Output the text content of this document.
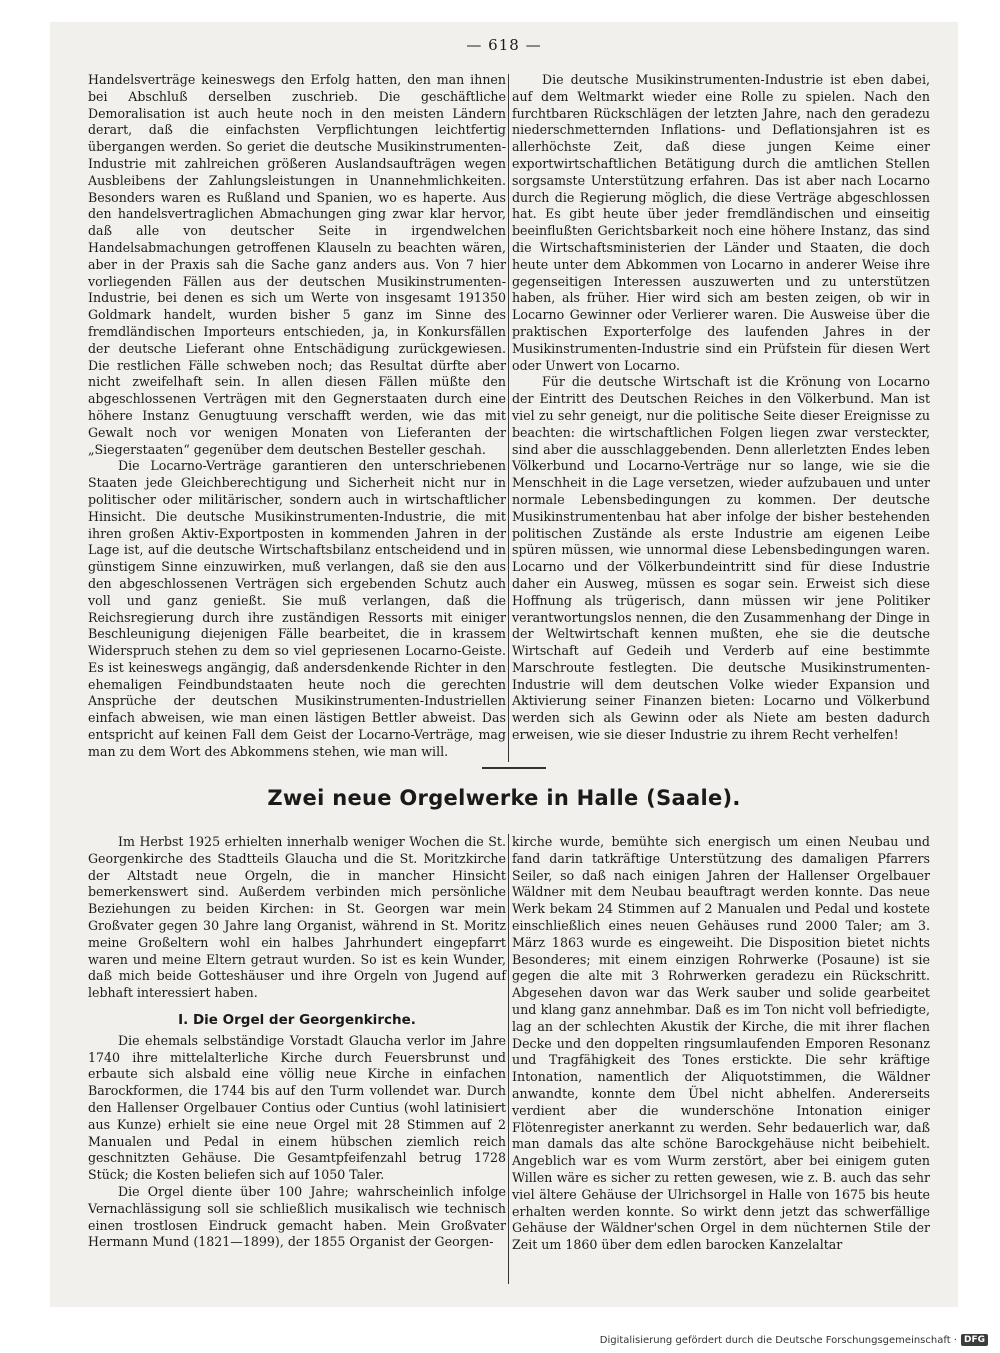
— 618 —

Handelsverträge keineswegs den Erfolg hatten, den man ihnen bei Abschluß derselben zuschrieb. Die geschäftliche Demoralisation ist auch heute noch in den meisten Ländern derart, daß die einfachsten Verpflichtungen leichtfertig übergangen werden. So geriet die deutsche Musikinstrumenten-Industrie mit zahlreichen größeren Auslandsaufträgen wegen Ausbleibens der Zahlungsleistungen in Unannehmlichkeiten. Besonders waren es Rußland und Spanien, wo es haperte. Aus den handelsvertraglichen Abmachungen ging zwar klar hervor, daß alle von deutscher Seite in irgendwelchen Handelsabmachungen getroffenen Klauseln zu beachten wären, aber in der Praxis sah die Sache ganz anders aus. Von 7 hier vorliegenden Fällen aus der deutschen Musikinstrumenten-Industrie, bei denen es sich um Werte von insgesamt 191350 Goldmark handelt, wurden bisher 5 ganz im Sinne des fremdländischen Importeurs entschieden, ja, in Konkursfällen der deutsche Lieferant ohne Entschädigung zurückgewiesen. Die restlichen Fälle schweben noch; das Resultat dürfte aber nicht zweifelhaft sein. In allen diesen Fällen müßte den abgeschlossenen Verträgen mit den Gegnerstaaten durch eine höhere Instanz Genugtuung verschafft werden, wie das mit Gewalt noch vor wenigen Monaten von Lieferanten der „Siegerstaaten“ gegenüber dem deutschen Besteller geschah.

Die Locarno-Verträge garantieren den unterschriebenen Staaten jede Gleichberechtigung und Sicherheit nicht nur in politischer oder militärischer, sondern auch in wirtschaftlicher Hinsicht. Die deutsche Musikinstrumenten-Industrie, die mit ihren großen Aktiv-Exportposten in kommenden Jahren in der Lage ist, auf die deutsche Wirtschaftsbilanz entscheidend und in günstigem Sinne einzuwirken, muß verlangen, daß sie den aus den abgeschlossenen Verträgen sich ergebenden Schutz auch voll und ganz genießt. Sie muß verlangen, daß die Reichsregierung durch ihre zuständigen Ressorts mit einiger Beschleunigung diejenigen Fälle bearbeitet, die in krassem Widerspruch stehen zu dem so viel gepriesenen Locarno-Geiste. Es ist keineswegs angängig, daß andersdenkende Richter in den ehemaligen Feindbundstaaten heute noch die gerechten Ansprüche der deutschen Musikinstrumenten-Industriellen einfach abweisen, wie man einen lästigen Bettler abweist. Das entspricht auf keinen Fall dem Geist der Locarno-Verträge, mag man zu dem Wort des Abkommens stehen, wie man will.

Die deutsche Musikinstrumenten-Industrie ist eben dabei, auf dem Weltmarkt wieder eine Rolle zu spielen. Nach den furchtbaren Rückschlägen der letzten Jahre, nach den geradezu niederschmetternden Inflations- und Deflationsjahren ist es allerhöchste Zeit, daß diese jungen Keime einer exportwirtschaftlichen Betätigung durch die amtlichen Stellen sorgsamste Unterstützung erfahren. Das ist aber nach Locarno durch die Regierung möglich, die diese Verträge abgeschlossen hat. Es gibt heute über jeder fremdländischen und einseitig beeinflußten Gerichtsbarkeit noch eine höhere Instanz, das sind die Wirtschaftsministerien der Länder und Staaten, die doch heute unter dem Abkommen von Locarno in anderer Weise ihre gegenseitigen Interessen auszuwerten und zu unterstützen haben, als früher. Hier wird sich am besten zeigen, ob wir in Locarno Gewinner oder Verlierer waren. Die Ausweise über die praktischen Exporterfolge des laufenden Jahres in der Musikinstrumenten-Industrie sind ein Prüfstein für diesen Wert oder Unwert von Locarno.

Für die deutsche Wirtschaft ist die Krönung von Locarno der Eintritt des Deutschen Reiches in den Völkerbund. Man ist viel zu sehr geneigt, nur die politische Seite dieser Ereignisse zu beachten: die wirtschaftlichen Folgen liegen zwar versteckter, sind aber die ausschlaggebenden. Denn allerletzten Endes leben Völkerbund und Locarno-Verträge nur so lange, wie sie die Menschheit in die Lage versetzen, wieder aufzubauen und unter normale Lebensbedingungen zu kommen. Der deutsche Musikinstrumentenbau hat aber infolge der bisher bestehenden politischen Zustände als erste Industrie am eigenen Leibe spüren müssen, wie unnormal diese Lebensbedingungen waren. Locarno und der Völkerbundeintritt sind für diese Industrie daher ein Ausweg, müssen es sogar sein. Erweist sich diese Hoffnung als trügerisch, dann müssen wir jene Politiker verantwortungslos nennen, die den Zusammenhang der Dinge in der Weltwirtschaft kennen mußten, ehe sie die deutsche Wirtschaft auf Gedeih und Verderb auf eine bestimmte Marschroute festlegten. Die deutsche Musikinstrumenten-Industrie will dem deutschen Volke wieder Expansion und Aktivierung seiner Finanzen bieten: Locarno und Völkerbund werden sich als Gewinn oder als Niete am besten dadurch erweisen, wie sie dieser Industrie zu ihrem Recht verhelfen!

Zwei neue Orgelwerke in Halle (Saale).

Im Herbst 1925 erhielten innerhalb weniger Wochen die St. Georgenkirche des Stadtteils Glaucha und die St. Moritzkirche der Altstadt neue Orgeln, die in mancher Hinsicht bemerkenswert sind. Außerdem verbinden mich persönliche Beziehungen zu beiden Kirchen: in St. Georgen war mein Großvater gegen 30 Jahre lang Organist, während in St. Moritz meine Großeltern wohl ein halbes Jahrhundert eingepfarrt waren und meine Eltern getraut wurden. So ist es kein Wunder, daß mich beide Gotteshäuser und ihre Orgeln von Jugend auf lebhaft interessiert haben.

I. Die Orgel der Georgenkirche.

Die ehemals selbständige Vorstadt Glaucha verlor im Jahre 1740 ihre mittelalterliche Kirche durch Feuersbrunst und erbaute sich alsbald eine völlig neue Kirche in einfachen Barockformen, die 1744 bis auf den Turm vollendet war. Durch den Hallenser Orgelbauer Contius oder Cuntius (wohl latinisiert aus Kunze) erhielt sie eine neue Orgel mit 28 Stimmen auf 2 Manualen und Pedal in einem hübschen ziemlich reich geschnitzten Gehäuse. Die Gesamtpfeifenzahl betrug 1728 Stück; die Kosten beliefen sich auf 1050 Taler.

Die Orgel diente über 100 Jahre; wahrscheinlich infolge Vernachlässigung soll sie schließlich musikalisch wie technisch einen trostlosen Eindruck gemacht haben. Mein Großvater Hermann Mund (1821—1899), der 1855 Organist der Georgen-

kirche wurde, bemühte sich energisch um einen Neubau und fand darin tatkräftige Unterstützung des damaligen Pfarrers Seiler, so daß nach einigen Jahren der Hallenser Orgelbauer Wäldner mit dem Neubau beauftragt werden konnte. Das neue Werk bekam 24 Stimmen auf 2 Manualen und Pedal und kostete einschließlich eines neuen Gehäuses rund 2000 Taler; am 3. März 1863 wurde es eingeweiht. Die Disposition bietet nichts Besonderes; mit einem einzigen Rohrwerke (Posaune) ist sie gegen die alte mit 3 Rohrwerken geradezu ein Rückschritt. Abgesehen davon war das Werk sauber und solide gearbeitet und klang ganz annehmbar. Daß es im Ton nicht voll befriedigte, lag an der schlechten Akustik der Kirche, die mit ihrer flachen Decke und den doppelten ringsumlaufenden Emporen Resonanz und Tragfähigkeit des Tones erstickte. Die sehr kräftige Intonation, namentlich der Aliquotstimmen, die Wäldner anwandte, konnte dem Übel nicht abhelfen. Andererseits verdient aber die wunderschöne Intonation einiger Flötenregister anerkannt zu werden. Sehr bedauerlich war, daß man damals das alte schöne Barockgehäuse nicht beibehielt. Angeblich war es vom Wurm zerstört, aber bei einigem guten Willen wäre es sicher zu retten gewesen, wie z. B. auch das sehr viel ältere Gehäuse der Ulrichsorgel in Halle von 1675 bis heute erhalten werden konnte. So wirkt denn jetzt das schwerfällige Gehäuse der Wäldner'schen Orgel in dem nüchternen Stile der Zeit um 1860 über dem edlen barocken Kanzelaltar

Digitalisierung gefördert durch die Deutsche Forschungsgemeinschaft · DFG
